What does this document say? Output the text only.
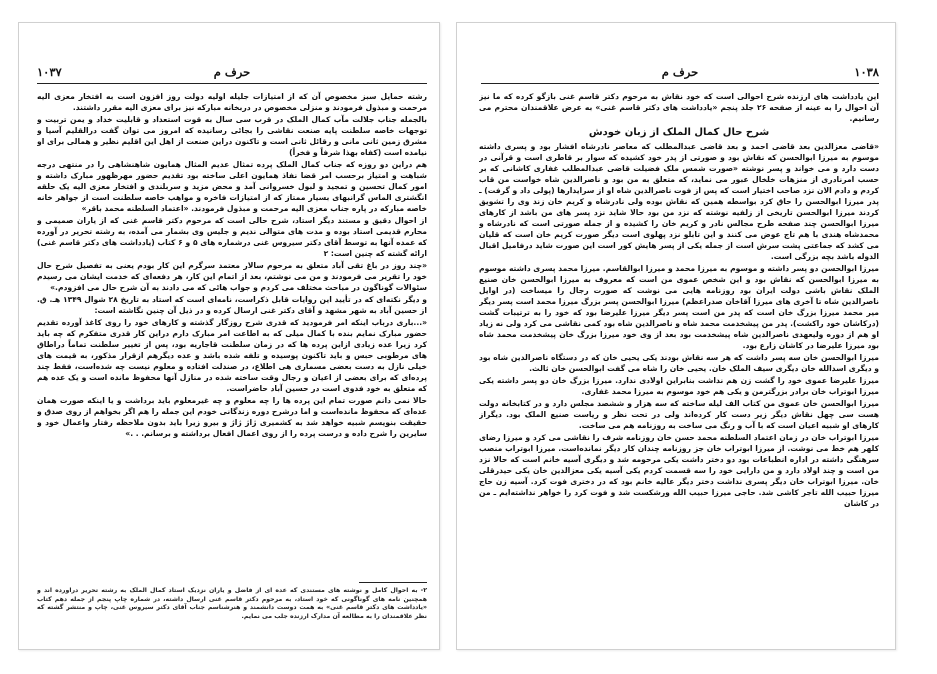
۱۰۳۷	حرف م

رشته حمایل سبز مخصوص آن که از امتیازات جلیله اولیه دولت روز افزون است به افتخار معزی الیه مرحمت و مبذول فرمودند و منزلی مخصوص در دربخانه مبارکه نیز برای معزی الیه مقرر داشتند.

بالجمله جناب جلالت مآب کمال الملک در قرب سی سال به قوت استعداد و قابلیت خداد و یمن تربیت و توجهات خاصه سلطنت پایه صنعت نقاشی را بجائی رسانیده که امروز می توان گفت درالقلیم آسیا و مشرق زمین ثانی مانی و رقائل ثانی است و تاکنون دراین صنعت از اهل این اقلیم نظیر و همالی برای او نیامده است (کفاه بهذا شرفاً و فخراً)

هم دراین دو روزه که جناب کمال الملک پرده تمثال عدیم المثال همایون شاهنشاهی را در منتهی درجه شباهت و امتیاز برحسب امر قضا نفاذ همایون اعلی ساخته بود تقدیم حضور مهرظهور مبارک داشته و امور کمال تحسین و تمجید و لبول خسروانی آمد و محض مزید و سربلندی و افتخار معزی الیه یک حلقه انگشتری الماس گرانبهای بسیار ممتاز که از امتیازات فاخره و مواهب خاصه سلطنت است از جواهر خانه خاصه مبارکه در پاره جناب معزی الیه مرحمت و مبذول فرمودند. «اعتماد السلطنه محمد باقر»

از احوال دقیق و مستند دیگر استاد، شرح حالی است که مرحوم دکتر قاسم غنی که از یاران صمیمی و محارم قدیمی استاد بوده و مدت های متوالی ندیم و جلیس وی بشمار می آمده، به رشته تحریر در آورده که عمده آنها به توسط آقای دکتر سیروس غنی درشماره های ۵ و ۶ کتاب (یادداشت های دکتر قاسم غنی) ارائه گشته که چنین است: ۲

«چند روز در باغ تقی آباد متعلق به مرحوم سالار معتمد سرگرم این کار بودم یعنی به تفصیل شرح حال خود را تقریر می فرمودند و من می نوشتم، بعد از اتمام این کار، هر دفعه‌ای که خدمت ایشان می رسیدم سئوالات گوناگون در مباحث مختلف می کردم و جواب هائی که می دادند به آن شرح حال می افزودم.»

و دیگر نکته‌ای که در تأیید این روایات قابل ذکراست، نامه‌ای است که استاد به تاریخ ۲۸ شوال ۱۳۴۹ هـ. ق. از حسین آباد به شهر مشهد و آقای دکتر غنی ارسال کرده و در ذیل آن چنین نگاشته است:

«...باری درباب اینکه امر فرمودید که قدری شرح روزگار گذشته و کارهای خود را روی کاغذ آورده تقدیم حضور مبارک نمایم بنده با کمال میلی که به اطاعت امر مبارک دارم دراین کار قدری متفکرم که چه باید کرد زیرا عده زیادی ازاین پرده ها که در زمان سلطنت قاجاریه بود، پس از تغییر سلطنت تماماً دراطاق های مرطوبی حبس و باید تاکنون پوسیده و تلفه شده باشد و عده دیگرهم ازقرار مذکور، به قیمت های خیلی نازل به دست بعضی مسماری هی اطلاع، در صندلت افتاده و معلوم نیست چه شده‌است، فقط چند پرده‌ای که برای بعضی از اعیان و رجال وقت ساخته شده در منازل آنها محفوظ مانده است و یک عده هم که متعلق به خود فدوی است در حسین آباد حاضراست.

حالا نمی دانم صورت تمام این پرده ها را چه معلوم و چه غیرمعلوم باید برداشت و یا اینکه صورت همان عده‌ای که محفوظ مانده‌است و اما درشرح دوره زندگانی خودم این جمله را هم اگر بخواهم از روی صدق و حقیقت بنویسم شبیه خواهد شد به کشمیری ژاژ ژاژ و بیرو زیرا باید بدون ملاحظه رفتار واعمال خود و سایرین را شرح داده و درست پرده را از روی اعمال افعال برداشته و برسانم. . .»

۲- به احوال کامل و نوشته های مستندی که عده ای از فاضل و یاران نزدیک استاد کمال الملک به رشته تحریر درآورده اند و همچنین نامه های گوناگونی که خود استاد، به مرحوم دکتر قاسم غنی ارسال داشته، در شماره چاپ پنجم از جمله دهم کتاب «یادداشت های دکتر قاسم غنی» به همت دوست دانشمند و هنرشناسم جناب آقای دکتر سیروس غنی، چاپ و منتشر گشته که نظر علاقمندان را به مطالعه آن مدارک ارزنده جلب می نمایم.
۱۰۳۸
حرف م

این یادداشت های ارزنده شرح احوالی است که خود نقاش به مرحوم دکتر قاسم غنی بازگو کرده که ما نیز آن احوال را به عینه از صفحه ۲۶ جلد پنجم «یادداشت های دکتر قاسم غنی» به عرض علاقمندان محترم می رسانیم.

شرح حال کمال الملک از زبان خودش

«قاضی معزالدین بعد قاضی احمد و بعد قاضی عبدالمطلب که معاصر نادرشاه افشار بود و پسری داشته موسوم به میرزا ابوالحسن که نقاش بود و صورتی از پدر خود کشیده که سوار بر قاطری است و قرآنی در دست دارد و می خواند و پسر نوشته «صورت شمس ملک فضیلت قاضی عبدالمطلب غفاری کاشانی که بر حسب امرنادری از منزهات خلخال عبور می نماید، که متعلق به من بود و ناصرالدین شاه خواست من قاب کردم و دادم الان نزد صاحب اختیار است که پس از فوت ناصرالدین شاه او از سرایدارها (پولی داد و گرفت) ـ پدر میرزا ابوالحسن را حاق کرد بواسطه همین که نقاش بوده ولی نادرشاه و کریم خان زند وی را تشویق کردند میرزا ابوالحسن تاریخی از زلفیه نوشته که نزد من بود حالا شاید نزد پسر های من باشد از کارهای میرزا ابوالحسن چند صفحه طرح مجالس نادر و کریم خان را کشیده و از جمله صورتی است که نادرشاه و محمدشاه هندی با هم تاج عوض می کنند و این تابلو نزد پهلوی است دیگر صورت کریم خان است که قلیان می کشد که جماعتی پشت سرش است از جمله یکی از پسر هایش کور است این صورت شاید درفامیل اقبال الدوله باشد بچه بزرگی است.

میرزا ابوالحسن دو پسر داشته و موسوم به میرزا محمد و میرزا ابوالقاسم. میرزا محمد پسری داشته موسوم به میرزا ابوالحسن که نقاش بود و این شخص عموی من است که معروف به میرزا ابوالحسن خان صنیع الملک نقاش باشی دولت ایران بود روزنامه هایی می نوشت که صورت رجال را میساخت (در اوایل ناصرالدین شاه تا آخری های میرزا آقاخان صدراعظم) میرزا ابوالحسن پسر بزرگ میرزا محمد است پسر دیگر میر محمد میرزا بزرگ خان است که پدر من است پسر دیگر میرزا علیرضا بود که خود را به ترتیبات گشت (درکاشان خود راکشت). پدر من پیشخدمت محمد شاه و ناصرالدین شاه بود کمی نقاشی می کرد ولی نه زیاد او هم از دوره ولیعهدی ناصرالدین شاه پیشخدمت بود بعد از وی خود میرزا بزرگ خان پیشخدمت محمد شاه بود میرزا علیرضا در کاشان زارع بود.

میرزا ابوالحسن خان سه پسر داشت که هر سه نقاش بودند یکی یحیی خان که در دستگاه ناصرالدین شاه بود و دیگری اسدالله خان دیگری سیف الملک خان. یحیی خان را شاه می گفت ابوالحسن خان ثالث.

میرزا علیرضا عموی خود را گشت زن هم نداشت بنابراین اولادی ندارد. میرزا بزرگ خان دو پسر داشته یکی میرزا ابوتراب خان برادر بزرگترمن و یکی هم خود موسوم به میرزا محمد غفاری.

میرزا ابوالحسن خان عموی من کتاب الف لیله ساخته که سه هزار و ششصد مجلس دارد و در کتابخانه دولت هست سی چهل نقاش دیگر زیر دست کار کرده‌اند ولی در تحت نظر و ریاست صنیع الملک بود. دیگراز کارهای او شبیه اعیان است که با آب و رنگ می ساخت به روزنامه هم می ساخت.

میرزا ابوتراب خان در زمان اعتماد السلطنه محمد حسن خان روزنامه شرف را نقاشی می کرد و میرزا رضای کلهر هم خط می نوشت. از میرزا ابوتراب خان جز روزنامه چندان کار دیگر نمانده‌است. میرزا ابوتراب منصب سرهنگی داشته در اداره انطباعات بود دو دختر داشت یکی مرحومه شد و دیگری آسیه خانم است که حالا نزد من است و چند اولاد دارد و من دارایی خود را سه قسمت کردم یکی آسیه یکی معزالدین خان یکی حیدرقلی خان. میرزا ابوتراب خان دیگر پسری نداشت دختر دیگر عالیه خانم بود که در دختری فوت کرد. آسیه زن حاج میرزا حبیب الله تاجر کاشی شد. حاجی میرزا حبیب الله ورشکست شد و فوت کرد را خواهر نداشته‌ایم ـ من در کاشان
